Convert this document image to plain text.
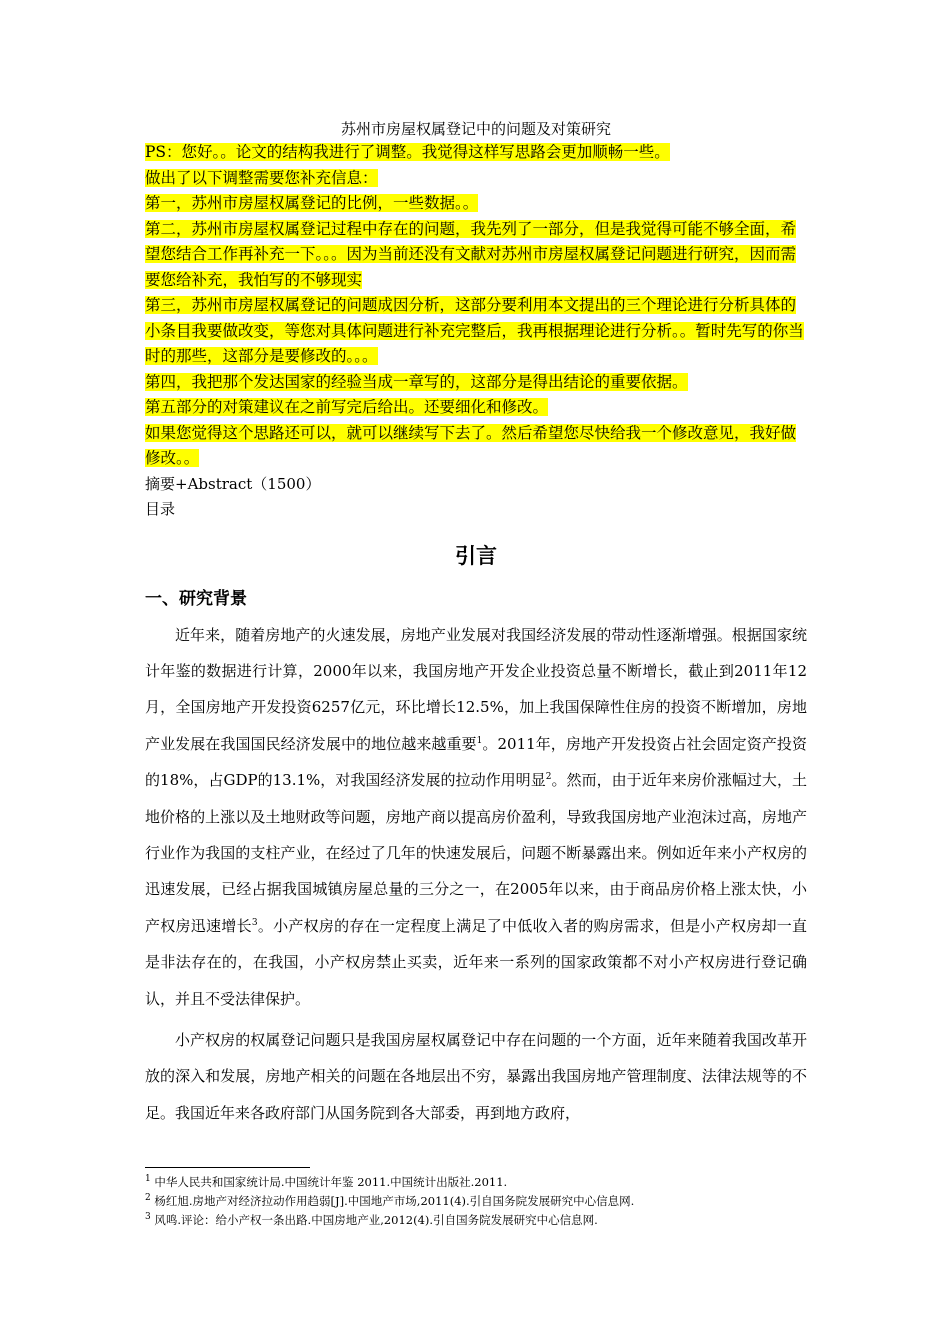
苏州市房屋权属登记中的问题及对策研究

PS：您好。。论文的结构我进行了调整。我觉得这样写思路会更加顺畅一些。

做出了以下调整需要您补充信息：

第一，苏州市房屋权属登记的比例，一些数据。。

第二，苏州市房屋权属登记过程中存在的问题，我先列了一部分，但是我觉得可能不够全面，希望您结合工作再补充一下。。。因为当前还没有文献对苏州市房屋权属登记问题进行研究，因而需要您给补充，我怕写的不够现实

第三，苏州市房屋权属登记的问题成因分析，这部分要利用本文提出的三个理论进行分析具体的小条目我要做改变，等您对具体问题进行补充完整后，我再根据理论进行分析。。暂时先写的你当时的那些，这部分是要修改的。。。

第四，我把那个发达国家的经验当成一章写的，这部分是得出结论的重要依据。

第五部分的对策建议在之前写完后给出。还要细化和修改。

如果您觉得这个思路还可以，就可以继续写下去了。然后希望您尽快给我一个修改意见，我好做修改。。

摘要+Abstract（1500）

目录

引言
一、研究背景

近年来，随着房地产的火速发展，房地产业发展对我国经济发展的带动性逐渐增强。根据国家统计年鉴的数据进行计算，2000年以来，我国房地产开发企业投资总量不断增长，截止到2011年12月，全国房地产开发投资6257亿元，环比增长12.5%，加上我国保障性住房的投资不断增加，房地产业发展在我国国民经济发展中的地位越来越重要$^1$。2011年，房地产开发投资占社会固定资产投资的18%，占GDP的13.1%，对我国经济发展的拉动作用明显$^2$。然而，由于近年来房价涨幅过大，土地价格的上涨以及土地财政等问题，房地产商以提高房价盈利，导致我国房地产业泡沫过高，房地产行业作为我国的支柱产业，在经过了几年的快速发展后，问题不断暴露出来。例如近年来小产权房的迅速发展，已经占据我国城镇房屋总量的三分之一，在2005年以来，由于商品房价格上涨太快，小产权房迅速增长$^3$。小产权房的存在一定程度上满足了中低收入者的购房需求，但是小产权房却一直是非法存在的，在我国，小产权房禁止买卖，近年来一系列的国家政策都不对小产权房进行登记确认，并且不受法律保护。

小产权房的权属登记问题只是我国房屋权属登记中存在问题的一个方面，近年来随着我国改革开放的深入和发展，房地产相关的问题在各地层出不穷，暴露出我国房地产管理制度、法律法规等的不足。我国近年来各政府部门从国务院到各大部委，再到地方政府，

$^1$ 中华人民共和国家统计局.中国统计年鉴 2011.中国统计出版社.2011.

$^2$ 杨红旭.房地产对经济拉动作用趋弱[J].中国地产市场,2011(4).引自国务院发展研究中心信息网.

$^3$ 风鸣.评论：给小产权一条出路.中国房地产业,2012(4).引自国务院发展研究中心信息网.
